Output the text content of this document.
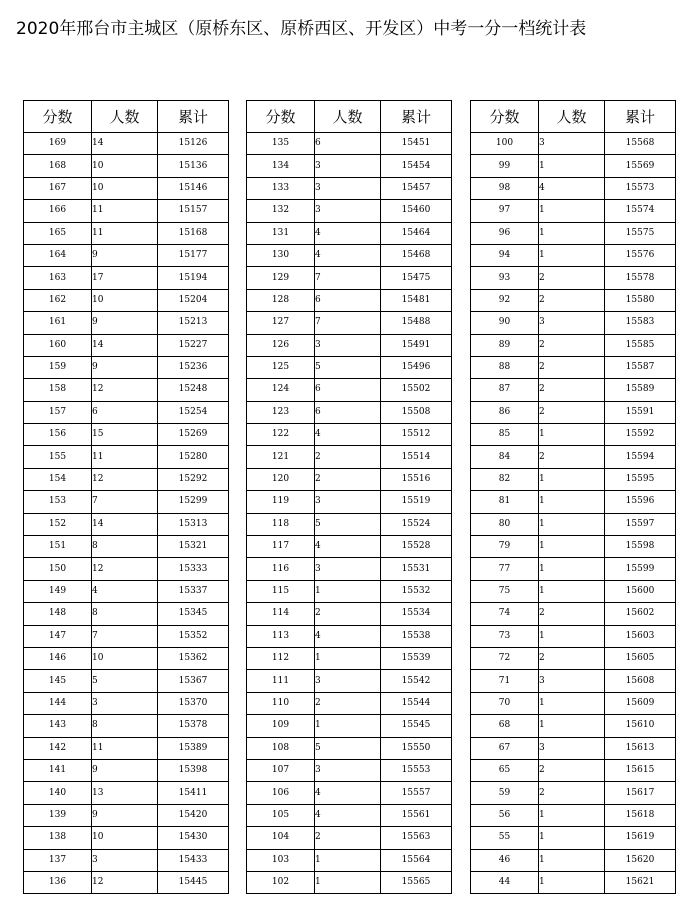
2020年邢台市主城区（原桥东区、原桥西区、开发区）中考一分一档统计表
分数	人数	累计
169	14	15126
168	10	15136
167	10	15146
166	11	15157
165	11	15168
164	9	15177
163	17	15194
162	10	15204
161	9	15213
160	14	15227
159	9	15236
158	12	15248
157	6	15254
156	15	15269
155	11	15280
154	12	15292
153	7	15299
152	14	15313
151	8	15321
150	12	15333
149	4	15337
148	8	15345
147	7	15352
146	10	15362
145	5	15367
144	3	15370
143	8	15378
142	11	15389
141	9	15398
140	13	15411
139	9	15420
138	10	15430
137	3	15433
136	12	15445
分数	人数	累计
135	6	15451
134	3	15454
133	3	15457
132	3	15460
131	4	15464
130	4	15468
129	7	15475
128	6	15481
127	7	15488
126	3	15491
125	5	15496
124	6	15502
123	6	15508
122	4	15512
121	2	15514
120	2	15516
119	3	15519
118	5	15524
117	4	15528
116	3	15531
115	1	15532
114	2	15534
113	4	15538
112	1	15539
111	3	15542
110	2	15544
109	1	15545
108	5	15550
107	3	15553
106	4	15557
105	4	15561
104	2	15563
103	1	15564
102	1	15565
分数	人数	累计
100	3	15568
99	1	15569
98	4	15573
97	1	15574
96	1	15575
94	1	15576
93	2	15578
92	2	15580
90	3	15583
89	2	15585
88	2	15587
87	2	15589
86	2	15591
85	1	15592
84	2	15594
82	1	15595
81	1	15596
80	1	15597
79	1	15598
77	1	15599
75	1	15600
74	2	15602
73	1	15603
72	2	15605
71	3	15608
70	1	15609
68	1	15610
67	3	15613
65	2	15615
59	2	15617
56	1	15618
55	1	15619
46	1	15620
44	1	15621
